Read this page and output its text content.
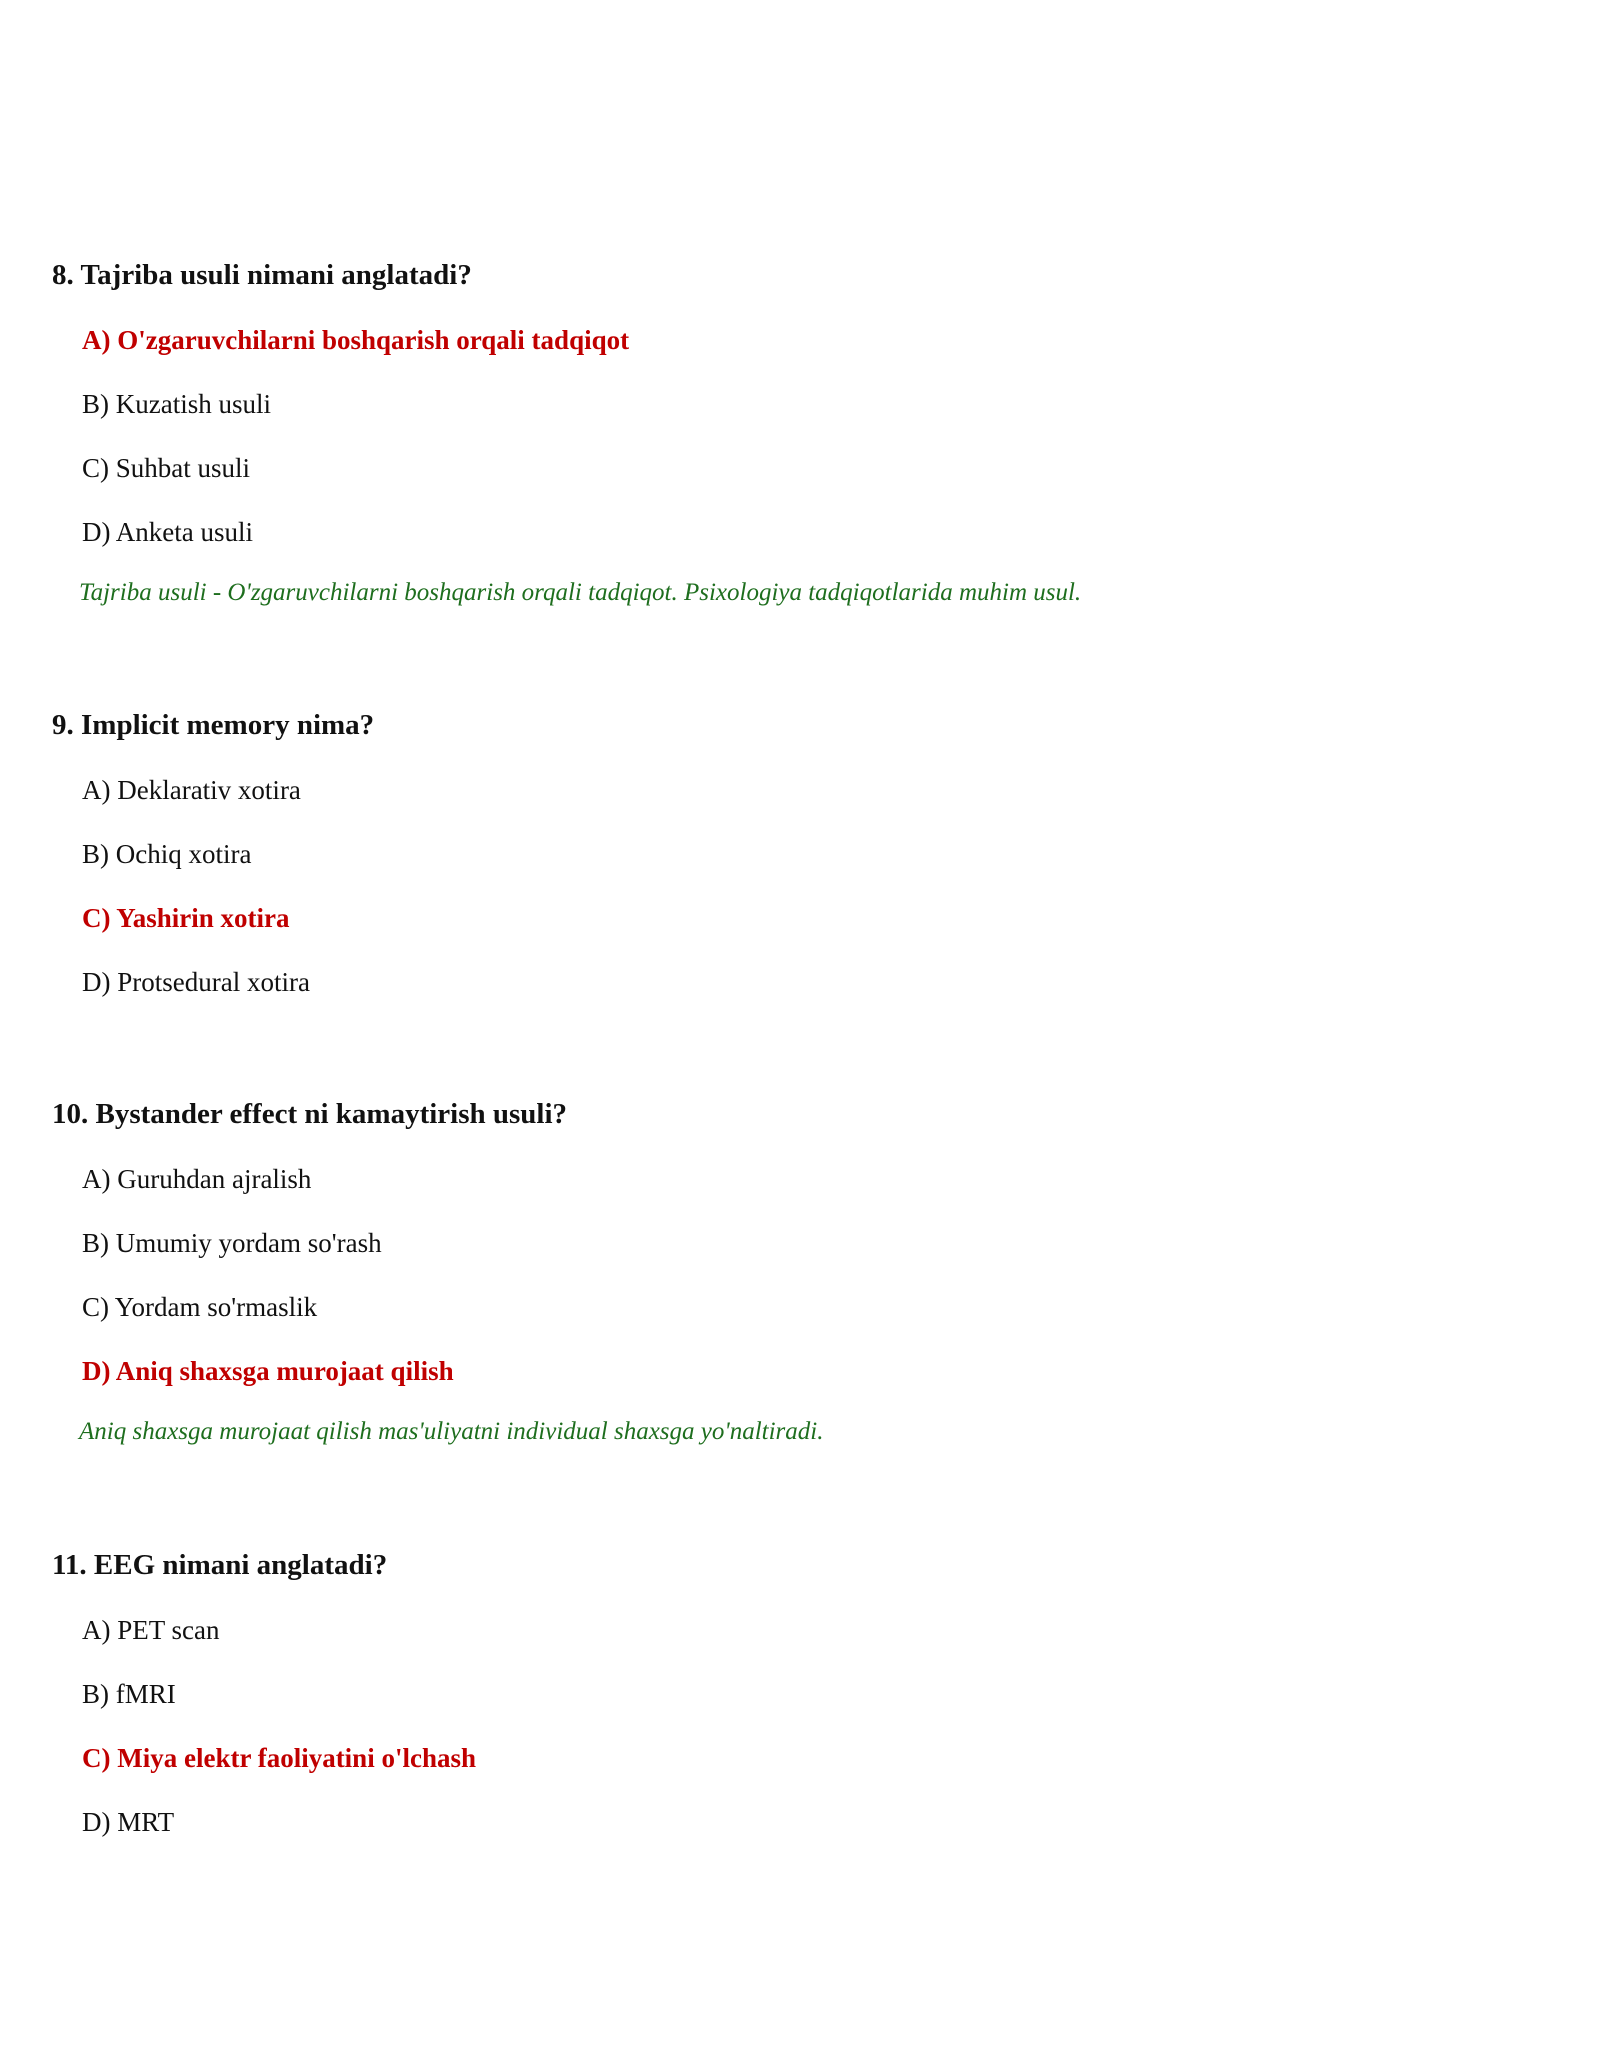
8. Tajriba usuli nimani anglatadi?
A) O'zgaruvchilarni boshqarish orqali tadqiqot
B) Kuzatish usuli
C) Suhbat usuli
D) Anketa usuli
Tajriba usuli - O'zgaruvchilarni boshqarish orqali tadqiqot. Psixologiya tadqiqotlarida muhim usul.
9. Implicit memory nima?
A) Deklarativ xotira
B) Ochiq xotira
C) Yashirin xotira
D) Protsedural xotira
10. Bystander effect ni kamaytirish usuli?
A) Guruhdan ajralish
B) Umumiy yordam so'rash
C) Yordam so'rmaslik
D) Aniq shaxsga murojaat qilish
Aniq shaxsga murojaat qilish mas'uliyatni individual shaxsga yo'naltiradi.
11. EEG nimani anglatadi?
A) PET scan
B) fMRI
C) Miya elektr faoliyatini o'lchash
D) MRT
